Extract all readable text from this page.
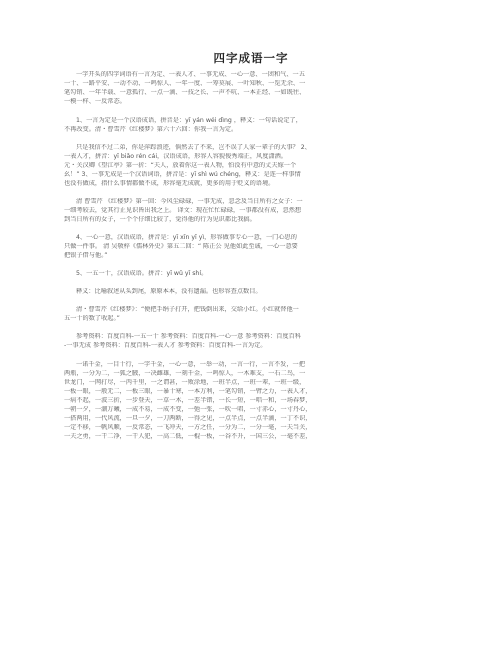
四字成语一字
一字开头的四字词语有一言为定、一表人才、一事无成、一心一意、一团和气、一五
一十、一路平安、一动不动、一鸣惊人、一年一度、一筹莫展、一叶知秋、一览无余、一
笔勾销、一年半载、一意孤行、一点一滴、一技之长、一声不吭、一本正经、一如既往、
一模一样、一反常态。
1、一言为定是一个汉语成语，拼音是：yī yán wéi dìng ，释义：一句话说定了，
不再改变。清・曹雪芹《红楼梦》第六十六回：你我一言为定。
只是我信不过二弟，你是萍踪浪迹，倘然去了不来，岂不误了人家一辈子的大事？ 2、
一表人才，拼音：yī biǎo rén cái，汉语成语，形容人容貌俊秀端正，风度潇洒。
元・关汉卿《望江亭》第一折：“夫人，放着你这一表人物，怕没有中意的丈夫嫁一个
幺！” 3、一事无成是一个汉语词语，拼音是：yī shì wú chéng，释义：是连一样事情
也没有做成，指什么事情都做不成，形容毫无成就，更多的用于贬义的语境。
清 曹雪芹 《红楼梦》第一回：今风尘碌碌，一事无成，忽念及当日所有之女子：一
一细考较去，觉其行止见识皆出我之上。 译文：现在忙忙碌碌，一事都没有成，忽然想
到当日所有的女子，一个个仔细比较了，觉得他的行为见识都比我搞。
4、一心一意，汉语成语，拼音是：yī xīn yī yì，形容做事专心一意，一门心思的
只做一件事。 清 吴敬梓《儒林外史》第五二回：“ 陈正公 见他如此至诚，一心一意要
把银子借与他。”
5、一五一十，汉语成语。拼音：yī wǔ yī shí。
释义：比喻叙述从头到尾，原原本本，没有遗漏。也形容查点数目。
清・曹雪芹《红楼梦》：“便把手绢子打开，把钱倒出来，交给小红。小红就替他一
五一十的数了收起。”
参考资料：百度百科-一五一十 参考资料：百度百科-一心一意 参考资料：百度百科
-一事无成 参考资料：百度百科-一表人才 参考资料：百度百科-一言为定。
一诺千金，一目十行，一字千金，一心一意，一举一动，一言一行，一言不发，一把
两瓶，一分为二，一狐之腋，一决雌雄，一刻千金，一鸣惊人，一木难支，一石二鸟，一
世龙门，一网打尽，一丙千里，一之谓甚，一败涂地，一班半点，一班一辈，一班一级，
一板一眼，一般无二，一板三眼，一暴十寒，一本万利，一笔勾销，一臂之力，一表人才，
一病不起，一波三折，一步登天，一草一木，一差半错，一长一短，一唱一和，一场春梦，
一朝一夕，一潮万曦，一成不易，一成不变，一弛一张，一吹一唱，一寸赤心，一寸丹心，
一搭两用，一代风流，一旦一夕，一刀两断，一得之见，一点半点，一点半滴，一丁不识，
一定不移，一帆风顺，一反常态，一飞冲天，一方之任，一分为二，一分一毫，一夫当关，
一夫之勇，一干二净，一干人犯，一高二低，一棍一板，一谷不升，一国三公，一毫不差，
